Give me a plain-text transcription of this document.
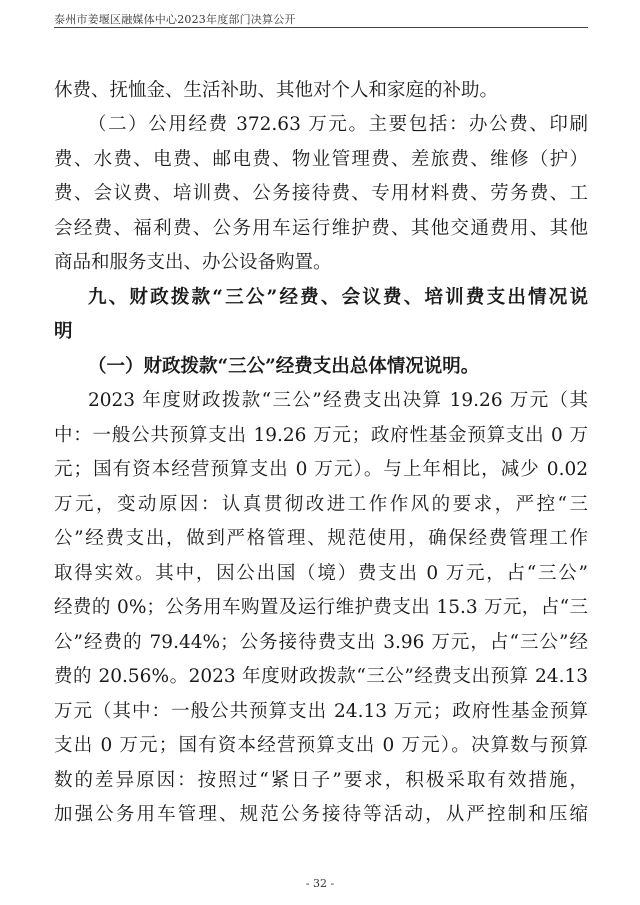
泰州市姜堰区融媒体中心2023年度部门决算公开
休费、抚恤金、生活补助、其他对个人和家庭的补助。
（二）公用经费 372.63 万元。主要包括：办公费、印刷
费、水费、电费、邮电费、物业管理费、差旅费、维修（护）
费、会议费、培训费、公务接待费、专用材料费、劳务费、工
会经费、福利费、公务用车运行维护费、其他交通费用、其他
商品和服务支出、办公设备购置。
九、财政拨款“三公”经费、会议费、培训费支出情况说
明
（一）财政拨款“三公”经费支出总体情况说明。
2023 年度财政拨款“三公”经费支出决算 19.26 万元（其
中：一般公共预算支出 19.26 万元；政府性基金预算支出 0 万
元；国有资本经营预算支出 0 万元）。与上年相比，减少 0.02
万元，变动原因：认真贯彻改进工作作风的要求，严控“三
公”经费支出，做到严格管理、规范使用，确保经费管理工作
取得实效。其中，因公出国（境）费支出 0 万元，占“三公”
经费的 0%；公务用车购置及运行维护费支出 15.3 万元，占“三
公”经费的 79.44%；公务接待费支出 3.96 万元，占“三公”经
费的 20.56%。2023 年度财政拨款“三公”经费支出预算 24.13
万元（其中：一般公共预算支出 24.13 万元；政府性基金预算
支出 0 万元；国有资本经营预算支出 0 万元）。决算数与预算
数的差异原因：按照过“紧日子”要求，积极采取有效措施，
加强公务用车管理、规范公务接待等活动，从严控制和压缩
- 32 -
